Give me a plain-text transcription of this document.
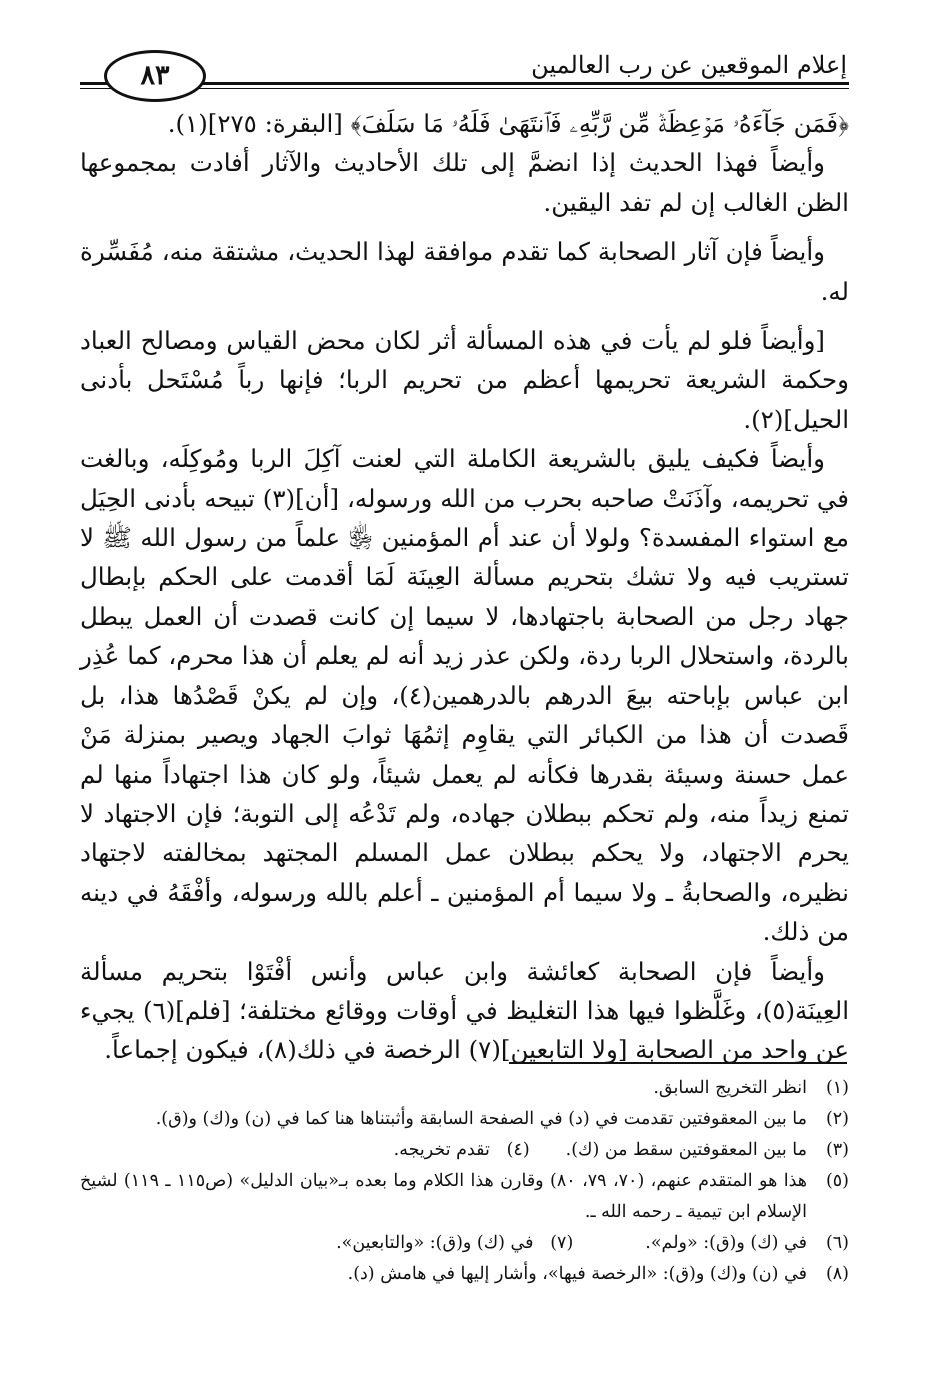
إعلام الموقعين عن رب العالمين
٨٣

﴿فَمَن جَآءَهُۥ مَوۡعِظَةٞ مِّن رَّبِّهِۦ فَٱنتَهَىٰ فَلَهُۥ مَا سَلَفَ﴾ [البقرة: ٢٧٥](١).

وأيضاً فهذا الحديث إذا انضمَّ إلى تلك الأحاديث والآثار أفادت بمجموعها الظن الغالب إن لم تفد اليقين.

وأيضاً فإن آثار الصحابة كما تقدم موافقة لهذا الحديث، مشتقة منه، مُفَسِّرة له.

[وأيضاً فلو لم يأت في هذه المسألة أثر لكان محض القياس ومصالح العباد وحكمة الشريعة تحريمها أعظم من تحريم الربا؛ فإنها رباً مُسْتَحل بأدنى الحيل](٢).

وأيضاً فكيف يليق بالشريعة الكاملة التي لعنت آكِلَ الربا ومُوكِلَه، وبالغت في تحريمه، وآذَنَتْ صاحبه بحرب من الله ورسوله، [أن](٣) تبيحه بأدنى الحِيَل مع استواء المفسدة؟ ولولا أن عند أم المؤمنين ﵂ علماً من رسول الله ﷺ لا تستريب فيه ولا تشك بتحريم مسألة العِينَة لَمَا أقدمت على الحكم بإبطال جهاد رجل من الصحابة باجتهادها، لا سيما إن كانت قصدت أن العمل يبطل بالردة، واستحلال الربا ردة، ولكن عذر زيد أنه لم يعلم أن هذا محرم، كما عُذِر ابن عباس بإباحته بيعَ الدرهم بالدرهمين(٤)، وإن لم يكنْ قَصْدُها هذا، بل قَصدت أن هذا من الكبائر التي يقاوِم إثمُهَا ثوابَ الجهاد ويصير بمنزلة مَنْ عمل حسنة وسيئة بقدرها فكأنه لم يعمل شيئاً، ولو كان هذا اجتهاداً منها لم تمنع زيداً منه، ولم تحكم ببطلان جهاده، ولم تَدْعُه إلى التوبة؛ فإن الاجتهاد لا يحرم الاجتهاد، ولا يحكم ببطلان عمل المسلم المجتهد بمخالفته لاجتهاد نظيره، والصحابةُ ـ ولا سيما أم المؤمنين ـ أعلم بالله ورسوله، وأفْقَهُ في دينه من ذلك.

وأيضاً فإن الصحابة كعائشة وابن عباس وأنس أفْتَوْا بتحريم مسألة العِينَة(٥)، وغَلَّظوا فيها هذا التغليظ في أوقات ووقائع مختلفة؛ [فلم](٦) يجيء عن واحد من الصحابة [ولا التابعين](٧) الرخصة في ذلك(٨)، فيكون إجماعاً.

(١)
انظر التخريج السابق.
(٢)
ما بين المعقوفتين تقدمت في (د) في الصفحة السابقة وأثبتناها هنا كما في (ن) و(ك) و(ق).
(٣)
ما بين المعقوفتين سقط من (ك).(٤)   تقدم تخريجه.
(٥)
هذا هو المتقدم عنهم، (٧٠، ٧٩، ٨٠) وقارن هذا الكلام وما بعده بـ«بيان الدليل» (ص١١٥ ـ ١١٩) لشيخ الإسلام ابن تيمية ـ رحمه الله ـ.
(٦)
في (ك) و(ق): «ولم».(٧)   في (ك) و(ق): «والتابعين».
(٨)
في (ن) و(ك) و(ق): «الرخصة فيها»، وأشار إليها في هامش (د).
